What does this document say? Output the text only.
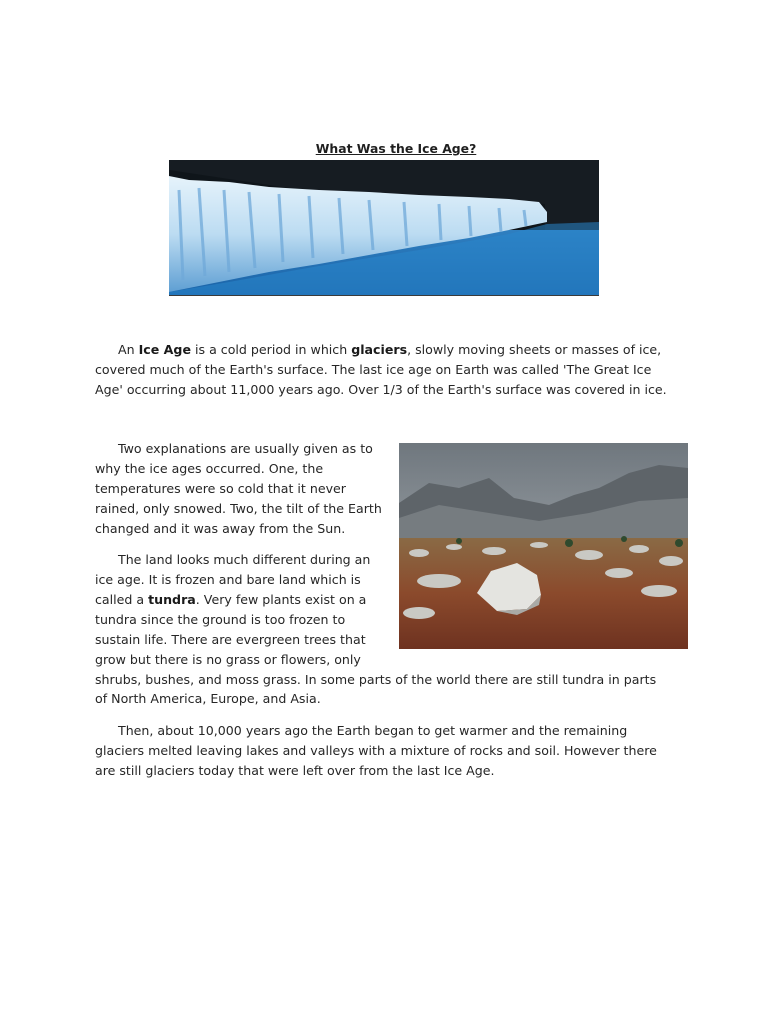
What Was the Ice Age?

An Ice Age is a cold period in which glaciers, slowly moving sheets or masses of ice, covered much of the Earth's surface. The last ice age on Earth was called 'The Great Ice Age' occurring about 11,000 years ago. Over 1/3 of the Earth's surface was covered in ice.

Two explanations are usually given as to why the ice ages occurred. One, the temperatures were so cold that it never rained, only snowed. Two, the tilt of the Earth changed and it was away from the Sun.

The land looks much different during an ice age. It is frozen and bare land which is called a tundra. Very few plants exist on a tundra since the ground is too frozen to sustain life. There are evergreen trees that grow but there is no grass or flowers, only shrubs, bushes, and moss grass. In some parts of the world there are still tundra in parts of North America, Europe, and Asia.

Then, about 10,000 years ago the Earth began to get warmer and the remaining glaciers melted leaving lakes and valleys with a mixture of rocks and soil. However there are still glaciers today that were left over from the last Ice Age.
